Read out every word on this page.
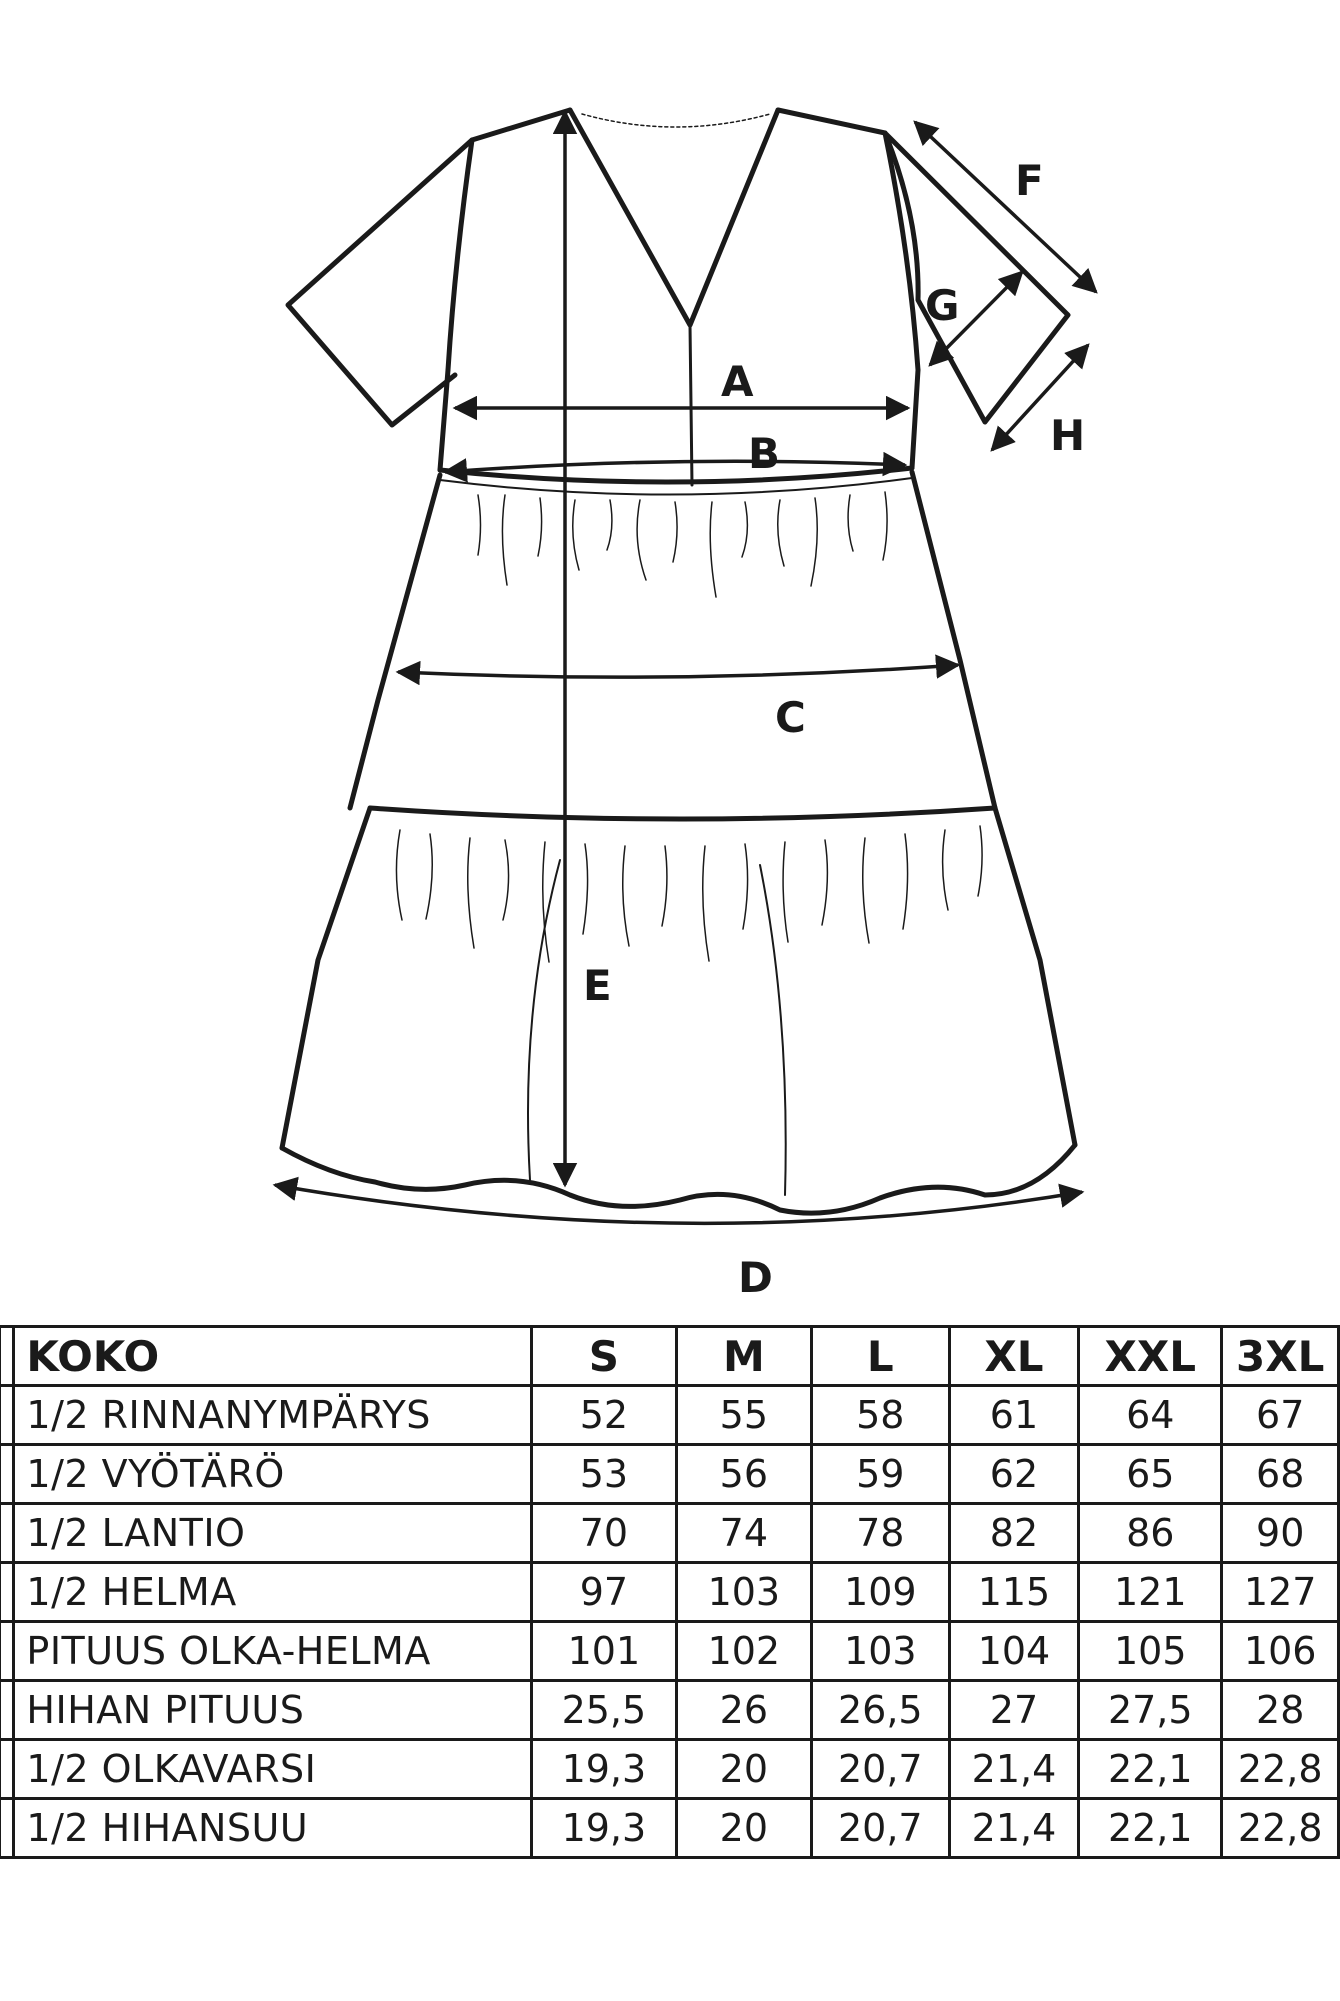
A
B
C
D
E
F
G
H
	KOKO	S	M	L	XL	XXL	3XL
	1/2 RINNANYMPÄRYS	52	55	58	61	64	67
	1/2 VYÖTÄRÖ	53	56	59	62	65	68
	1/2 LANTIO	70	74	78	82	86	90
	1/2 HELMA	97	103	109	115	121	127
	PITUUS OLKA-HELMA	101	102	103	104	105	106
	HIHAN PITUUS	25,5	26	26,5	27	27,5	28
	1/2 OLKAVARSI	19,3	20	20,7	21,4	22,1	22,8
	1/2 HIHANSUU	19,3	20	20,7	21,4	22,1	22,8
